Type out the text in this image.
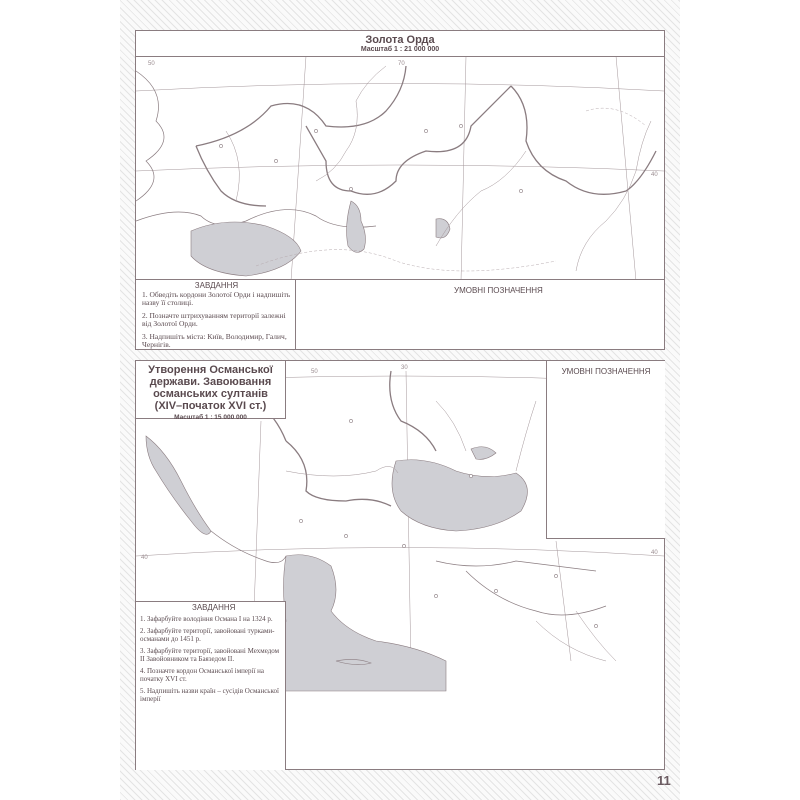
50	70
40
Золота Орда
Масштаб 1 : 21 000 000
ЗАВДАННЯ
1. Обведіть кордони Золотої Орди і надпишіть назву її столиці.
2. Позначте штрихуванням території залежні від Золотої Орди.
3. Надпишіть міста: Київ, Володимир, Галич, Чернігів.
УМОВНІ ПОЗНАЧЕННЯ
50
30
40
40
Утворення Османської
держави. Завоювання
османських султанів
(XIV–початок XVI ст.)
Масштаб 1 : 15 000 000
УМОВНІ ПОЗНАЧЕННЯ
ЗАВДАННЯ
1. Зафарбуйте володіння Османа І на 1324 р.
2. Зафарбуйте території, завойовані турками-османами до 1451 р.
3. Зафарбуйте території, завойовані Мехмедом II Завойовником та Баязедом II.
4. Позначте кордон Османської імперії на початку XVI ст.
5. Надпишіть назви країн – сусідів Османської імперії
11
